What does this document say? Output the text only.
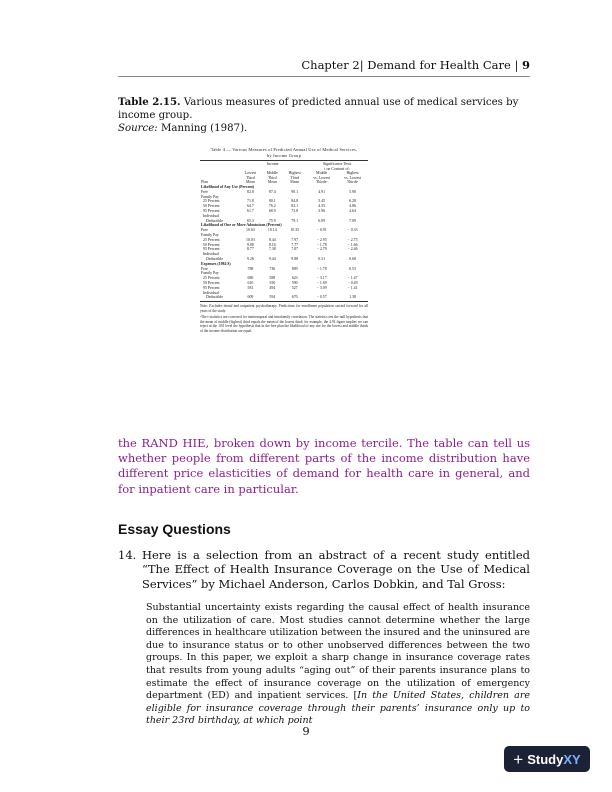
Chapter 2| Demand for Health Care | 9
Table 2.15. Various measures of predicted annual use of medical services by income group.
Source: Manning (1987).
Table 4 — Various Measures of Predicted Annual Use of Medical Services,
by Income Group
	Income			Significance Tests	
				t on Contrast of:	
	Lowest	Middle	Highest	Middle	Highest
	Third	Third	Third	vs. Lowest	vs. Lowest
Plan	Mean	Mean	Mean	Thirdsᵃ	Thirdsᵃ
Likelihood of Any Use (Percent)					
Free	82.8	87.4	90.1	4.91	5.90
Family Pay					
25 Percent	71.8	80.1	84.8	5.45	6.28
50 Percent	64.7	76.2	82.1	4.35	4.86
95 Percent	61.7	68.9	73.8	3.96	4.64
Individual					
Deductible	65.3	75.9	79.1	6.09	7.09
Likelihood of One or More Admissions (Percent)					
Free	10.63	10.14	10.35	− 0.91	− 0.33
Family Pay					
25 Percent	10.03	8.44	7.97	− 2.95	− 2.75
50 Percent	9.08	8.16	7.77	− 1.78	− 1.66
95 Percent	8.77	7.38	7.07	− 2.79	− 2.46
Individual					
Deductible	9.26	9.44	9.88	0.31	0.68
Expenses (1984 $)					
Free	788	736	809	− 1.78	0.53
Family Pay					
25 Percent	680	588	623	− 3.17	− 1.47
50 Percent	610	550	590	− 1.69	− 0.49
95 Percent	581	494	527	− 3.09	− 1.41
Individual					
Deductible	609	594	670	− 0.57	1.38
Note: Excludes dental and outpatient psychotherapy. Predictions for enrollment population carried forward for all years of the study.
ᵃThe t-statistics are corrected for intertemporal and intrafamily correlation. The statistics test the null hypothesis that the mean of middle (highest) third equals the mean of the lowest third; for example, the 4.91 figure implies we can reject at the .001 level the hypothesis that in the free plan the likelihood of any use for the lowest and middle thirds of the income distribution are equal.
the RAND HIE, broken down by income tercile. The table can tell us whether people from different parts of the income distribution have different price elasticities of demand for health care in general, and for inpatient care in particular.
Essay Questions
14. Here is a selection from an abstract of a recent study entitled “The Effect of Health Insurance Coverage on the Use of Medical Services” by Michael Anderson, Carlos Dobkin, and Tal Gross:
Substantial uncertainty exists regarding the causal effect of health insurance on the utilization of care. Most studies cannot determine whether the large differences in healthcare utilization between the insured and the uninsured are due to insurance status or to other unobserved differences between the two groups. In this paper, we exploit a sharp change in insurance coverage rates that results from young adults “aging out” of their parents insurance plans to estimate the effect of insurance coverage on the utilization of emergency department (ED) and inpatient services. [In the United States, children are eligible for insurance coverage through their parents’ insurance only up to their 23rd birthday, at which point
9
+ StudyXY
